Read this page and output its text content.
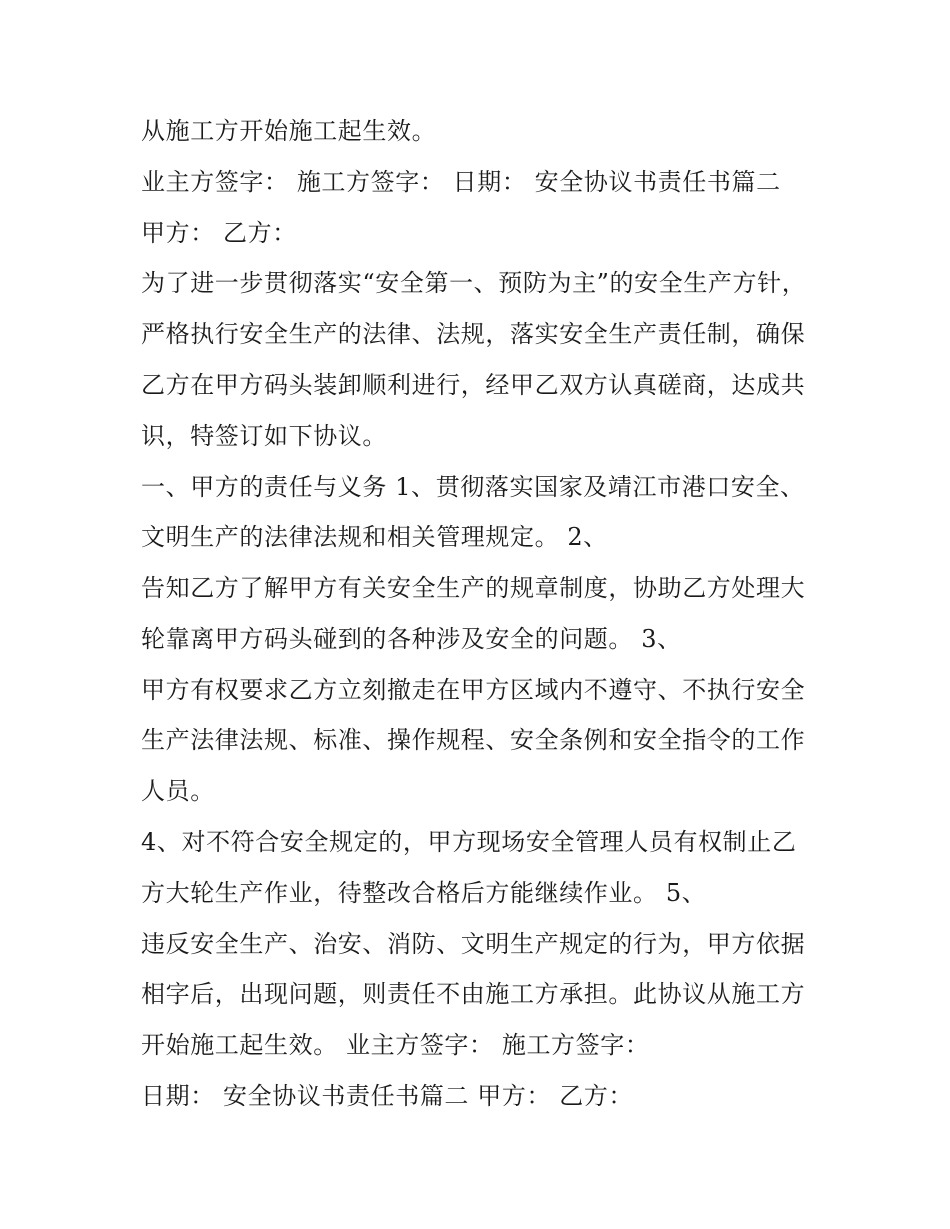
从施工方开始施工起生效。
业主方签字： 施工方签字： 日期： 安全协议书责任书篇二
甲方： 乙方：
为了进一步贯彻落实“安全第一、预防为主”的安全生产方针，
严格执行安全生产的法律、法规，落实安全生产责任制，确保
乙方在甲方码头装卸顺利进行，经甲乙双方认真磋商，达成共
识，特签订如下协议。
一、甲方的责任与义务 1、贯彻落实国家及靖江市港口安全、
文明生产的法律法规和相关管理规定。 2、
告知乙方了解甲方有关安全生产的规章制度，协助乙方处理大
轮靠离甲方码头碰到的各种涉及安全的问题。 3、
甲方有权要求乙方立刻撤走在甲方区域内不遵守、不执行安全
生产法律法规、标准、操作规程、安全条例和安全指令的工作
人员。
4、对不符合安全规定的，甲方现场安全管理人员有权制止乙
方大轮生产作业，待整改合格后方能继续作业。 5、
违反安全生产、治安、消防、文明生产规定的行为，甲方依据
相字后，出现问题，则责任不由施工方承担。此协议从施工方
开始施工起生效。 业主方签字： 施工方签字：
日期： 安全协议书责任书篇二 甲方： 乙方：
